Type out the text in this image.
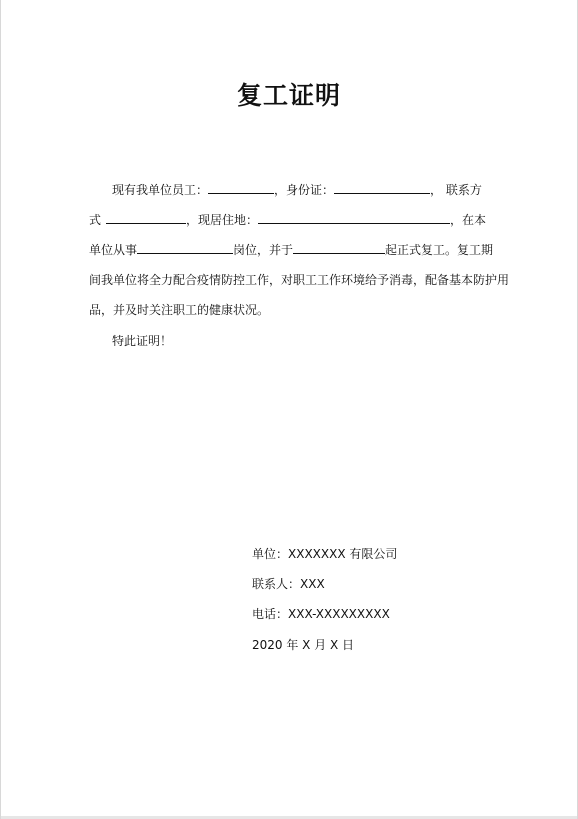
复工证明
现有我单位员工：	，身份证：	， 联系方
式	，现居住地：	，在本
单位从事	岗位，并于	起正式复工。复工期
间我单位将全力配合疫情防控工作，对职工工作环境给予消毒，配备基本防护用
品，并及时关注职工的健康状况。
特此证明！
单位：XXXXXXX 有限公司
联系人：XXX
电话：XXX-XXXXXXXXX
2020 年 X 月 X 日
